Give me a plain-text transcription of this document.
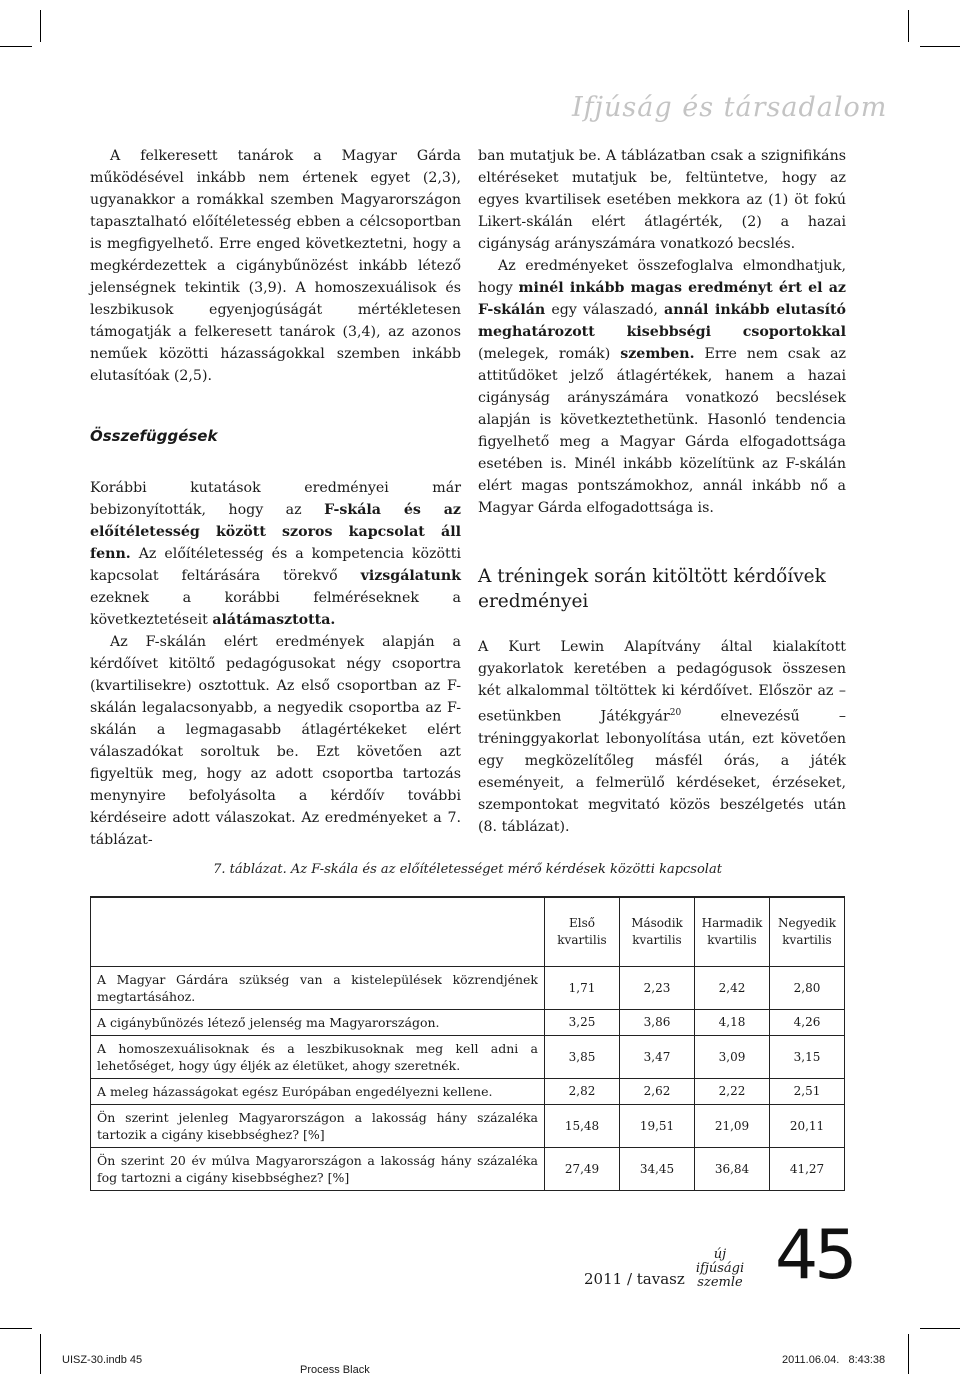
Ifjúság és társadalom

A felkeresett tanárok a Magyar Gárda működésével inkább nem értenek egyet (2,3), ugyanakkor a romákkal szemben Magyarországon tapasztalható előítéletesség ebben a célcsoportban is megfigyelhető. Erre enged következtetni, hogy a megkérdezettek a cigánybűnözést inkább létező jelenségnek tekintik (3,9). A homoszexuálisok és leszbikusok egyenjogúságát mértékletesen támogatják a felkeresett tanárok (3,4), az azonos neműek közötti házasságokkal szemben inkább elutasítóak (2,5).

Összefüggések

Korábbi kutatások eredményei már bebizonyították, hogy az F-skála és az előítéletesség között szoros kapcsolat áll fenn. Az előítéletesség és a kompetencia közötti kapcsolat feltárására törekvő vizsgálatunk ezeknek a korábbi felméréseknek a következtetéseit alátámasztotta.

Az F-skálán elért eredmények alapján a kérdőívet kitöltő pedagógusokat négy csoportra (kvartilisekre) osztottuk. Az első csoportban az F-skálán legalacsonyabb, a negyedik csoportba az F-skálán a legmagasabb átlagértékeket elért válaszadókat soroltuk be. Ezt követően azt figyeltük meg, hogy az adott csoportba tartozás menynyire befolyásolta a kérdőív további kérdéseire adott válaszokat. Az eredményeket a 7. táblázat-

ban mutatjuk be. A táblázatban csak a szignifikáns eltéréseket mutatjuk be, feltüntetve, hogy az egyes kvartilisek esetében mekkora az (1) öt fokú Likert-skálán elért átlagérték, (2) a hazai cigányság arányszámára vonatkozó becslés.

Az eredményeket összefoglalva elmondhatjuk, hogy minél inkább magas eredményt ért el az F-skálán egy válaszadó, annál inkább elutasító meghatározott kisebbségi csoportokkal (melegek, romák) szemben. Erre nem csak az attitűdöket jelző átlagértékek, hanem a hazai cigányság arányszámára vonatkozó becslések alapján is következtethetünk. Hasonló tendencia figyelhető meg a Magyar Gárda elfogadottsága esetében is. Minél inkább közelítünk az F-skálán elért magas pontszámokhoz, annál inkább nő a Magyar Gárda elfogadottsága is.

A tréningek során kitöltött kérdőívek eredményei

A Kurt Lewin Alapítvány által kialakított gyakorlatok keretében a pedagógusok összesen két alkalommal töltöttek ki kérdőívet. Először az – esetünkben Játékgyár$^{20}$ elnevezésű – tréninggyakorlat lebonyolítása után, ezt követően egy megközelítőleg másfél órás, a játék eseményeit, a felmerülő kérdéseket, érzéseket, szempontokat megvitató közös beszélgetés után (8. táblázat).

7. táblázat. Az F-skála és az előítéletességet mérő kérdések közötti kapcsolat
	Első kvartilis	Második kvartilis	Harmadik kvartilis	Negyedik kvartilis
A Magyar Gárdára szükség van a kistelepülések közrendjének megtartásához.	1,71	2,23	2,42	2,80
A cigánybűnözés létező jelenség ma Magyarországon.	3,25	3,86	4,18	4,26
A homoszexuálisoknak és a leszbikusoknak meg kell adni a lehetőséget, hogy úgy éljék az életüket, ahogy szeretnék.	3,85	3,47	3,09	3,15
A meleg házasságokat egész Európában engedélyezni kellene.	2,82	2,62	2,22	2,51
Ön szerint jelenleg Magyarországon a lakosság hány százaléka tartozik a cigány kisebbséghez? [%]	15,48	19,51	21,09	20,11
Ön szerint 20 év múlva Magyarországon a lakosság hány százaléka fog tartozni a cigány kisebbséghez? [%]	27,49	34,45	36,84	41,27
2011 / tavasz
új
ifjúsági
szemle 45
UISZ-30.indb 45
Process Black
2011.06.04.   8:43:38
